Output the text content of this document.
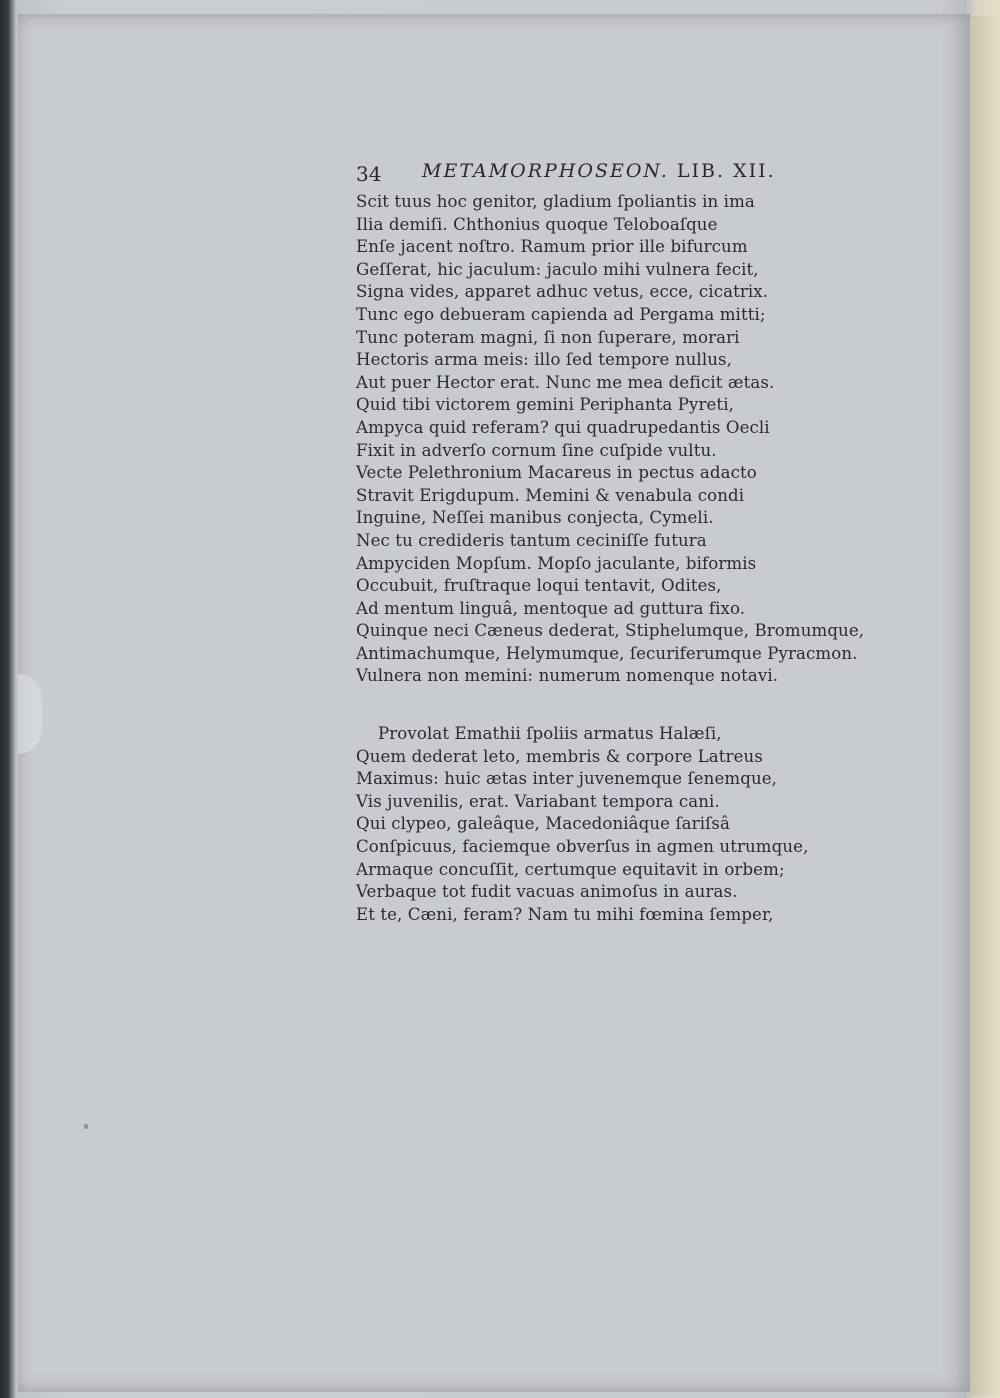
34 METAMORPHOSEON. LIB. XII.
Scit tuus hoc genitor, gladium ſpoliantis in ima
Ilia demiſi. Chthonius quoque Teloboaſque
Enſe jacent noſtro. Ramum prior ille bifurcum
Geſſerat, hic jaculum: jaculo mihi vulnera fecit,
Signa vides, apparet adhuc vetus, ecce, cicatrix.
Tunc ego debueram capienda ad Pergama mitti;
Tunc poteram magni, ſi non ſuperare, morari
Hectoris arma meis: illo ſed tempore nullus,
Aut puer Hector erat. Nunc me mea deficit ætas.
Quid tibi victorem gemini Periphanta Pyreti,
Ampyca quid referam? qui quadrupedantis Oecli
Fixit in adverſo cornum ſine cuſpide vultu.
Vecte Pelethronium Macareus in pectus adacto
Stravit Erigdupum. Memini & venabula condi
Inguine, Neſſei manibus conjecta, Cymeli.
Nec tu credideris tantum ceciniſſe futura
Ampyciden Mopſum. Mopſo jaculante, biformis
Occubuit, fruſtraque loqui tentavit, Odites,
Ad mentum linguâ, mentoque ad guttura fixo.
Quinque neci Cæneus dederat, Stiphelumque, Bromumque,
Antimachumque, Helymumque, ſecuriferumque Pyracmon.
Vulnera non memini: numerum nomenque notavi.
Provolat Emathii ſpoliis armatus Halæſi,
Quem dederat leto, membris & corpore Latreus
Maximus: huic ætas inter juvenemque ſenemque,
Vis juvenilis, erat. Variabant tempora cani.
Qui clypeo, galeâque, Macedoniâque ſariſsâ
Conſpicuus, faciemque obverſus in agmen utrumque,
Armaque concuſſit, certumque equitavit in orbem;
Verbaque tot fudit vacuas animoſus in auras.
Et te, Cæni, feram? Nam tu mihi fœmina ſemper,
